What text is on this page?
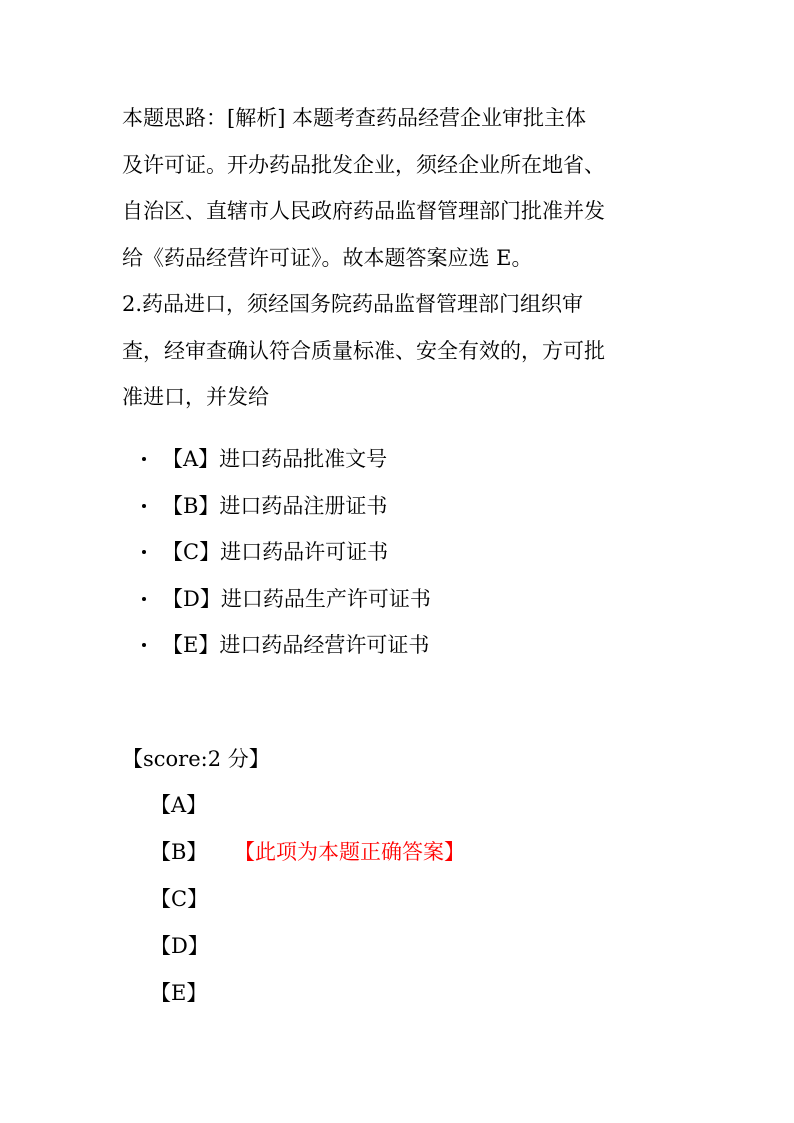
本题思路：[解析] 本题考查药品经营企业审批主体

及许可证。开办药品批发企业，须经企业所在地省、

自治区、直辖市人民政府药品监督管理部门批准并发

给《药品经营许可证》。故本题答案应选 E。

2.药品进口，须经国务院药品监督管理部门组织审

查，经审查确认符合质量标准、安全有效的，方可批

准进口，并发给

【A】进口药品批准文号
【B】进口药品注册证书
【C】进口药品许可证书
【D】进口药品生产许可证书
【E】进口药品经营许可证书
【score:2 分】
【A】
【B】 【此项为本题正确答案】
【C】
【D】
【E】
